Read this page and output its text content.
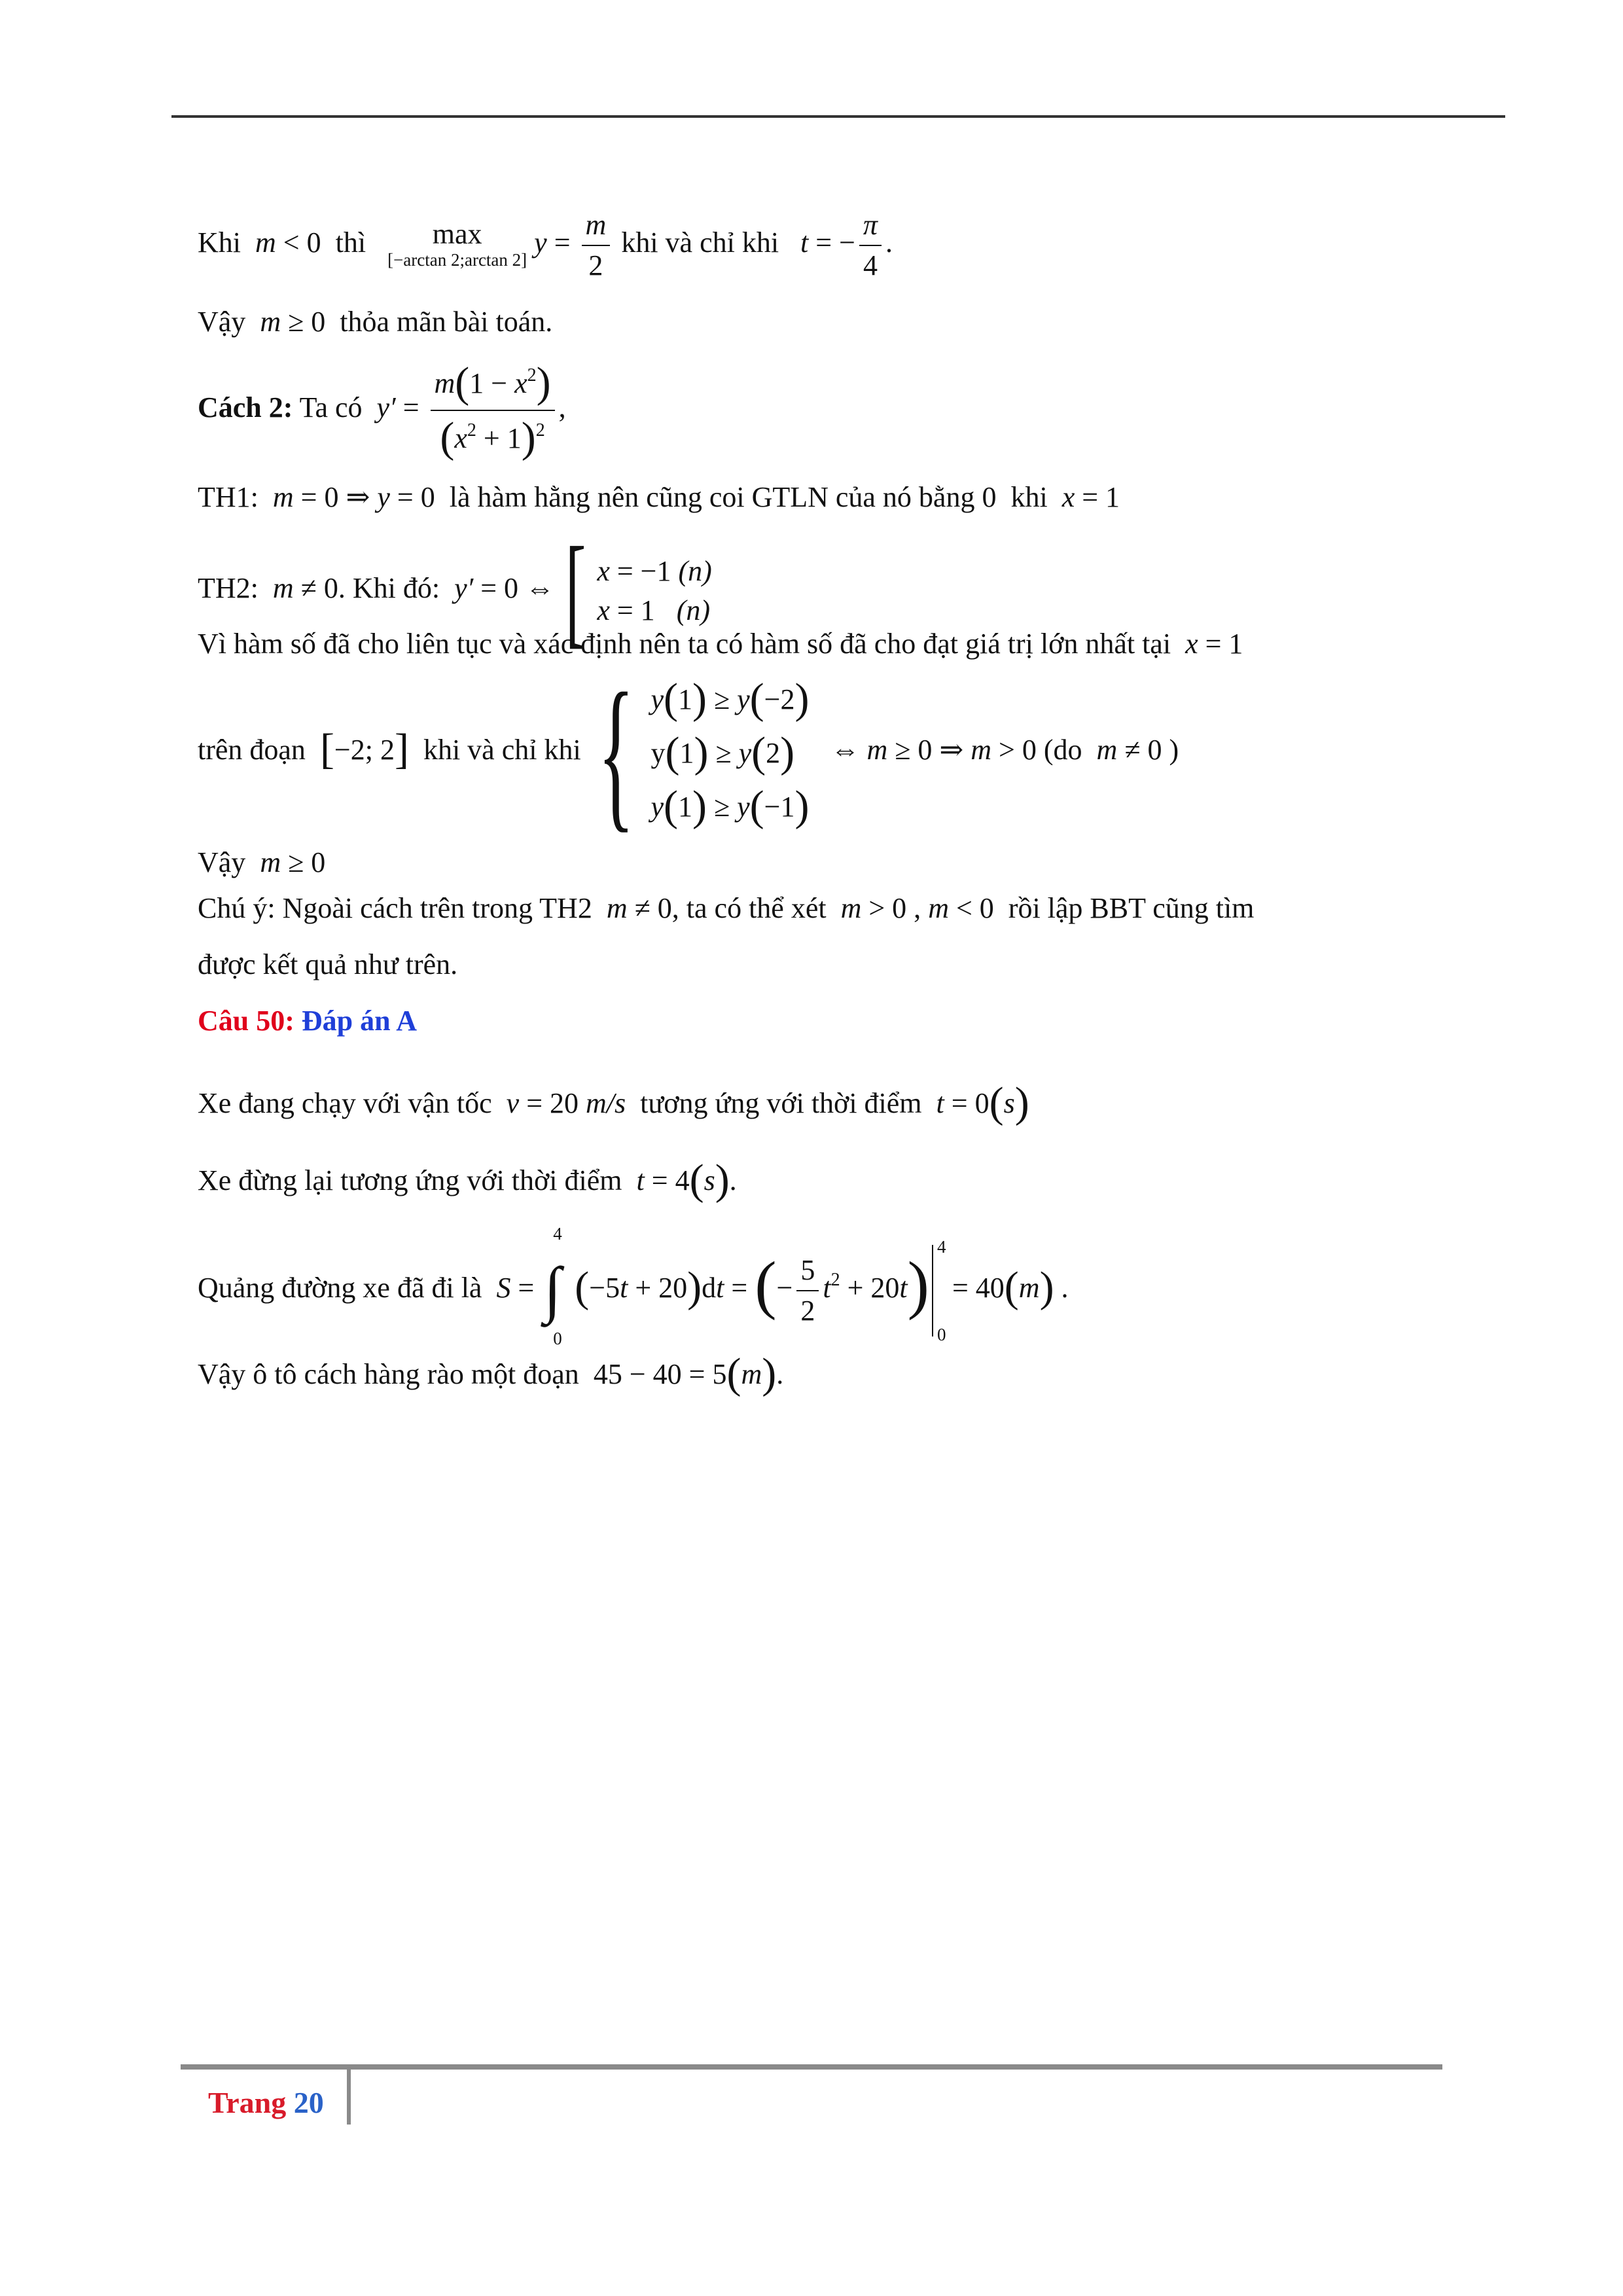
Khi  m < 0  thì	max
[−arctan 2;arctan 2]
$y = \frac{m}{2}$ khi và chỉ khi t = − $\frac{\pi}{4}$ .
Vậy  m ≥ 0  thỏa mãn bài toán.
Cách 2: Ta có $y' = \frac{m(1 - x^2)}{(x^2 + 1)^2}$ ,
TH1:  m = 0 ⇒ y = 0  là hàm hằng nên cũng coi GTLN của nó bằng 0  khi  x = 1
TH2:  m ≠ 0. Khi đó:  y′ = 0 ⇔ [ x = −1 (n)
x = 1   (n)
Vì hàm số đã cho liên tục và xác định nên ta có hàm số đã cho đạt giá trị lớn nhất tại  x = 1
trên đoạn [−2; 2] khi và chỉ khi { y(1) ≥ y(−2)
y(1) ≥ y(2)
y(1) ≥ y(−1)
⇔ m ≥ 0 ⇒ m > 0 (do  m ≠ 0 )
Vậy  m ≥ 0
Chú ý: Ngoài cách trên trong TH2  m ≠ 0, ta có thể xét  m > 0 , m < 0  rồi lập BBT cũng tìm
được kết quả như trên.
Câu 50: Đáp án A
Xe đang chạy với vận tốc v = 20 m/s tương ứng với thời điểm t = 0(s)
Xe đừng lại tương ứng với thời điểm t = 4(s).
Quảng đường xe đã đi là S =
4
∫
0
(−5t + 20)dt = (− $\frac{5}{2} t^2 + 20t$)
4
0
= 40(m) .
Vậy ô tô cách hàng rào một đoạn  45 − 40 = 5(m).
Trang 20
